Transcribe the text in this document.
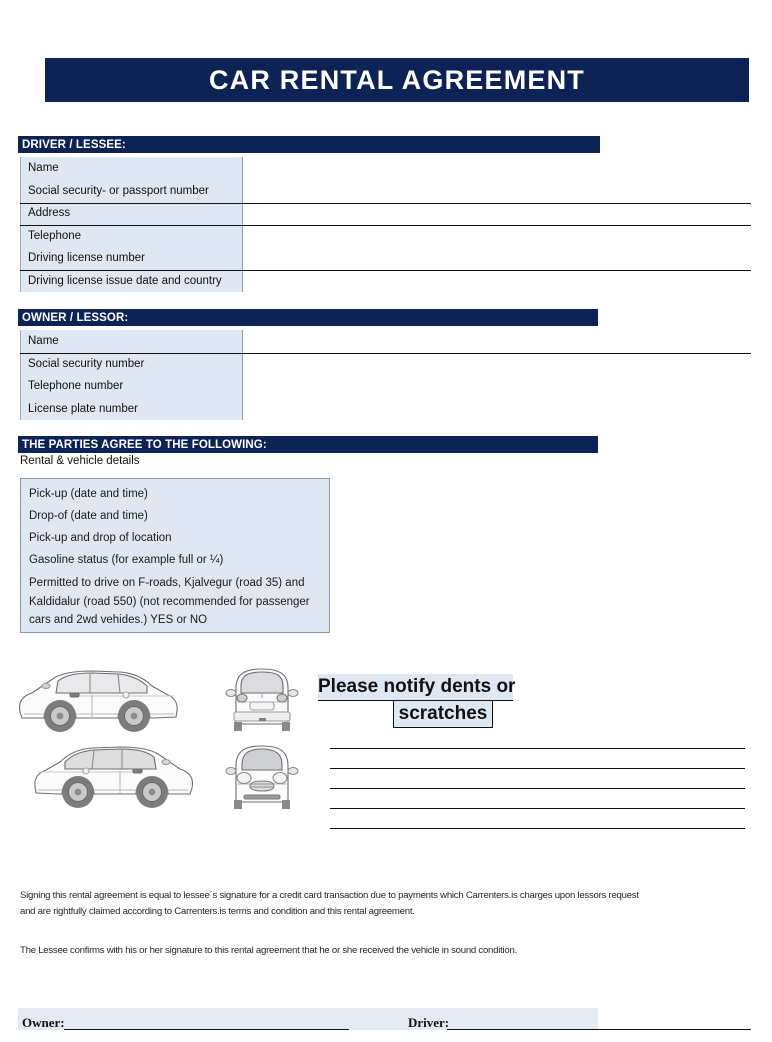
CAR RENTAL AGREEMENT
DRIVER / LESSEE:
Name
Social security- or passport number
Address
Telephone
Driving license number
Driving license issue date and country
OWNER / LESSOR:
Name
Social security number
Telephone number
License plate number
THE PARTIES AGREE TO THE FOLLOWING:
Rental & vehicle details
Pick-up (date and time)
Drop-of (date and time)
Pick-up and drop of location
Gasoline status (for example full or ¼)
Permitted to drive on F-roads, Kjalvegur (road 35) and Kaldidalur (road 550) (not recommended for passenger cars and 2wd vehides.) YES or NO
Please notify dents or
scratches
Signing this rental agreement is equal to lessee´s signature for a credit card transaction due to payments which Carrenters.is charges upon lessors request and are rightfully claimed according to Carrenters.is terms and condition and this rental agreement.
The Lessee confirms with his or her signature to this rental agreement that he or she received the vehicle in sound condition.
Owner:	Driver:
